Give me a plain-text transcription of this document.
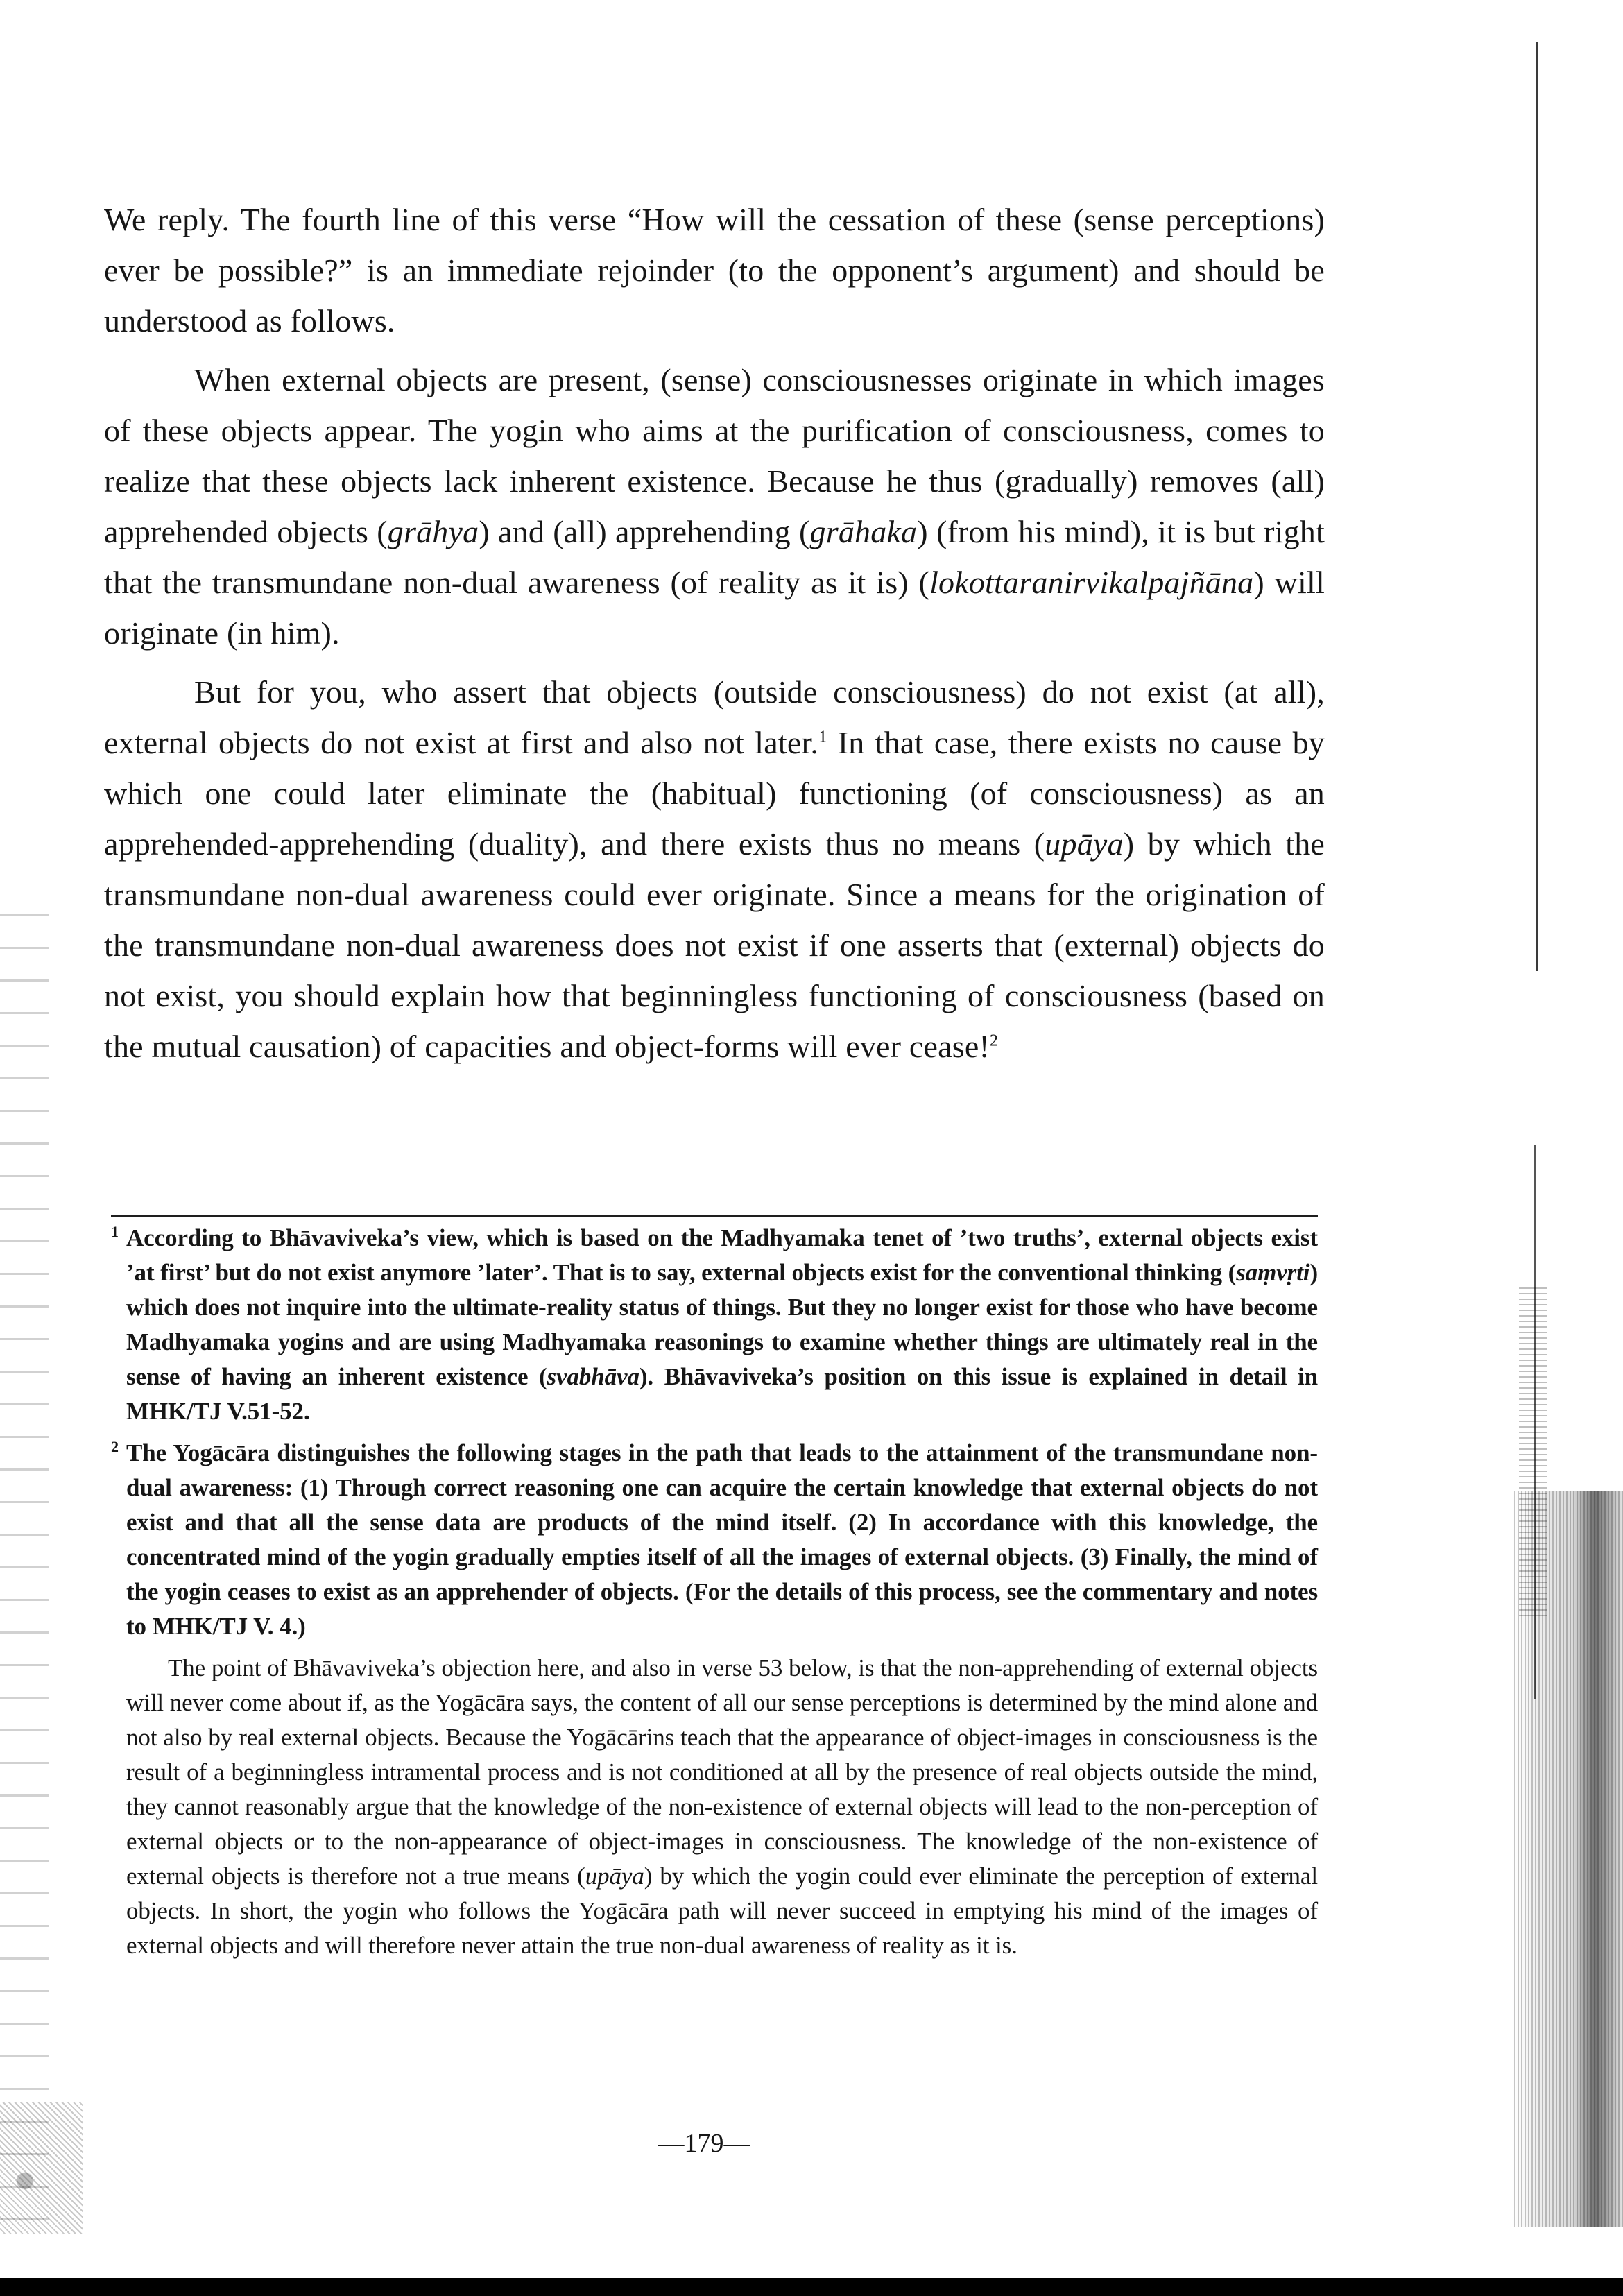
We reply. The fourth line of this verse “How will the cessation of these (sense perceptions) ever be possible?” is an immediate rejoinder (to the opponent’s argument) and should be understood as follows.

When external objects are present, (sense) consciousnesses originate in which images of these objects appear. The yogin who aims at the purification of consciousness, comes to realize that these objects lack inherent existence. Because he thus (gradually) removes (all) apprehended objects (grāhya) and (all) apprehending (grāhaka) (from his mind), it is but right that the transmundane non-dual awareness (of reality as it is) (lokottaranirvikalpajñāna) will originate (in him).

But for you, who assert that objects (outside consciousness) do not exist (at all), external objects do not exist at first and also not later.$^1$ In that case, there exists no cause by which one could later eliminate the (habitual) functioning (of consciousness) as an apprehended-apprehending (duality), and there exists thus no means (upāya) by which the transmundane non-dual awareness could ever originate. Since a means for the origination of the transmundane non-dual awareness does not exist if one asserts that (external) objects do not exist, you should explain how that beginningless functioning of consciousness (based on the mutual causation) of capacities and object-forms will ever cease!$^2$

1 According to Bhāvaviveka’s view, which is based on the Madhyamaka tenet of ’two truths’, external objects exist ’at first’ but do not exist anymore ’later’. That is to say, external objects exist for the conventional thinking (saṃvṛti) which does not inquire into the ultimate-reality status of things. But they no longer exist for those who have become Madhyamaka yogins and are using Madhyamaka reasonings to examine whether things are ultimately real in the sense of having an inherent existence (svabhāva). Bhāvaviveka’s position on this issue is explained in detail in MHK/TJ V.51-52.

2 The Yogācāra distinguishes the following stages in the path that leads to the attainment of the transmundane non-dual awareness: (1) Through correct reasoning one can acquire the certain knowledge that external objects do not exist and that all the sense data are products of the mind itself. (2) In accordance with this knowledge, the concentrated mind of the yogin gradually empties itself of all the images of external objects. (3) Finally, the mind of the yogin ceases to exist as an apprehender of objects. (For the details of this process, see the commentary and notes to MHK/TJ V. 4.)

The point of Bhāvaviveka’s objection here, and also in verse 53 below, is that the non-apprehending of external objects will never come about if, as the Yogācāra says, the content of all our sense perceptions is determined by the mind alone and not also by real external objects. Because the Yogācārins teach that the appearance of object-images in consciousness is the result of a beginningless intramental process and is not conditioned at all by the presence of real objects outside the mind, they cannot reasonably argue that the knowledge of the non-existence of external objects will lead to the non-perception of external objects or to the non-appearance of object-images in consciousness. The knowledge of the non-existence of external objects is therefore not a true means (upāya) by which the yogin could ever eliminate the perception of external objects. In short, the yogin who follows the Yogācāra path will never succeed in emptying his mind of the images of external objects and will therefore never attain the true non-dual awareness of reality as it is.

—179—
